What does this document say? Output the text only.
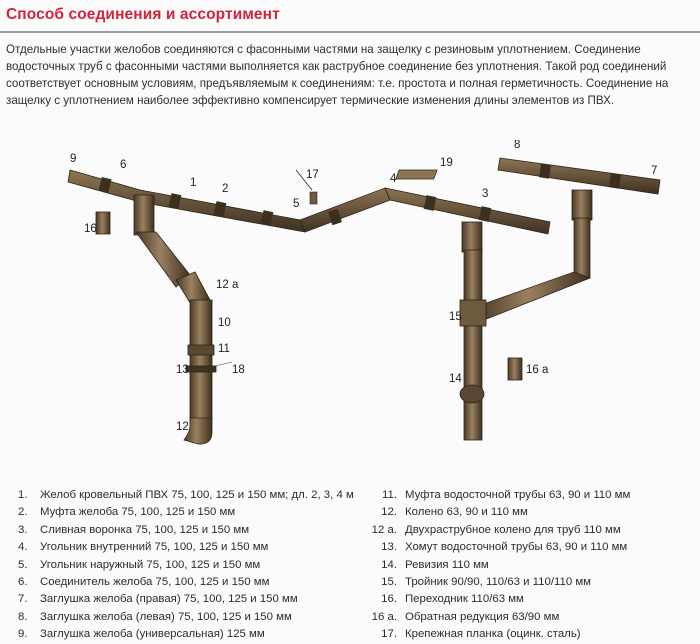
Способ соединения и ассортимент
Отдельные участки желобов соединяются с фасонными частями на защелку с резиновым уплотнением. Соединение водосточных труб с фасонными частями выполняется как раструбное соединение без уплотнения. Такой род соединений соответствует основным условиям, предъявляемым к соединениям: т.е. простота и полная герметичность. Соединение на защелку с уплотнением наиболее эффективно компенсирует термические изменения длины элементов из ПВХ.
9	6
1 2
5
17	4
19
3
8
7
16
12 а
10
11
13	18
12
15
14
16 а
1.	Желоб кровельный ПВХ 75, 100, 125 и 150 мм; дл. 2, 3, 4 м
2.	Муфта желоба 75, 100, 125 и 150 мм
3.	Сливная воронка 75, 100, 125 и 150 мм
4.	Угольник внутренний 75, 100, 125 и 150 мм
5.	Угольник наружный 75, 100, 125 и 150 мм
6.	Соединитель желоба 75, 100, 125 и 150 мм
7.	Заглушка желоба (правая) 75, 100, 125 и 150 мм
8.	Заглушка желоба (левая) 75, 100, 125 и 150 мм
9.	Заглушка желоба (универсальная) 125 мм
11. Муфта водосточной трубы 63, 90 и 110 мм
12. Колено 63, 90 и 110 мм
12 а. Двухраструбное колено для труб 110 мм
13. Хомут водосточной трубы 63, 90 и 110 мм
14. Ревизия 110 мм
15. Тройник 90/90, 110/63 и 110/110 мм
16. Переходник 110/63 мм
16 а. Обратная редукция 63/90 мм
17. Крепежная планка (оцинк. сталь)
